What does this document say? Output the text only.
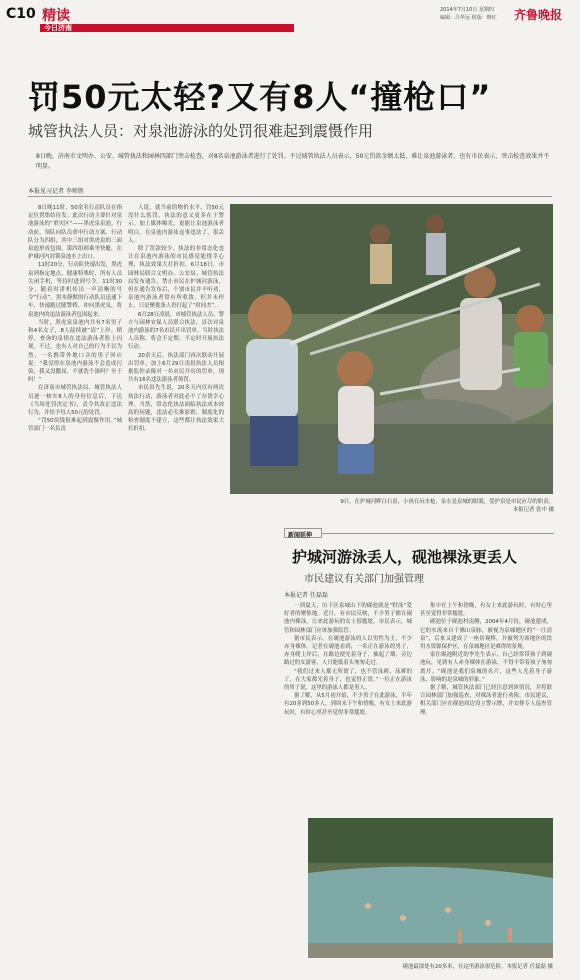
C10 精读
今日济南
2014年7月10日 星期四
编辑：吕华远 组版：继红 齐鲁晚报
罚50元太轻?又有8人“撞枪口”
城管执法人员：对泉池游泳的处罚很难起到震慑作用
8日晚，济南市文明办、公安、城管执法和园林四部门突击检查，对8名泉池游泳者进行了处罚。不过城管执法人员表示，50元罚款金额太低，难让泉池游泳者，也有市民表示，突击检查效果并不明显。
本报见习记者 李师胜

8日晚11时，50余名行动队员在指定位置集结待发。此次行动主要针对泉池游泳的“重灾区”——黑虎泉泉池，行动前，领队向队员重申行动方案，行动队分为四组，其中三组对黑虎泉的三面泉池形成包围，第四组则乘坐快艇，在护城河内封锁泉池水上出口。

11时20分，行动队快速出发，黑虎泉到指定地点，健康特殊时，所有人员关闭手机，等待时进到号令。11时30分，随着时讲机传出一声清晰的号令“行动”，黑本静默的行动队员迅速下车，快速跑过随警桥，冲向黑虎泉，将泉池内的违法游泳者包围起来。

当时，黑虎泉泉池内共有7名男子和4名女子，8人陆续被“请”上岸。稍停，查询的泉情在违法游泳者脸上闪现。不过，也有人对自己的行为不以为然，一名携带外地口音的男子回应说：“我觉得在泉池内游泳不会造成污染，我又没撒尿，不就洗个澡吗？至于吗！”

在济南市城管执法局、城管执法人员逐一核实8人的身份信息后，下达《当场处罚决定书》，责令其改正违法行为，并给予每人50元的处罚。

“罚50块钱很难起到震慑作用。”城管部门一名负责

人说，就当前的物价水平，罚50元没什么惩罚，执法的意义更多在于警示。加上媒体曝光，更能让泉池游泳者明白，在泉池内游泳这事违法了，很丢人。

除了罚款较少，执法的非常态化也让在泉池内游泳的市民感觉能侥幸心理，执法效果大打折扣。6月18日，市园林局联合文明办、公安局、城管执法局发布通告，禁止市民在护城河游泳，但在通告发布后，个别市民并不听劝，泉池内游泳者常有所收敛，但并未停止，只是聚拢条人仍打起了“时间差”。

6月28日凌晨，市城管执法人员、警方与园林安保人员联合执法，首次对泉池内游泳的7名市民开出罚单。当时执法人员称，将会不定期、不定时开展执法行动。

20余天后，执法部门再次联动开展出罚单。加上6月29日凌晨执法人员根据监控录像对一名市民开出的罚单，现共有16名违法游泳者领罚。

市民田先生说，20多天内仅有两次执法行动，游泳者对此必不了存侥幸心理。当然，常态化执法面临执法成本较高的问题，违法必究难原则，制度化的检查制度不建立，这些都让执法效果大打折扣。

9日，在护城河畔白石泉，小孩在玩水枪，泉水是泉城的眼睛，爱护泉是市民应尽的职责。
本报记者 张中 摄
新闻延伸
护城河游泳丢人，砚池裸泳更丢人
市民建议有关部门加强管理
本报记者 任磊磊

一到夏天，历下区泉城山下的砚池就是“野泳”爱好者的聚集地。近日，有市民反映，不少男子都在砚池内裸泳，让来此游玩的女士很尴尬。市民表示，城管和园林部门应该加强监管。

据市民表示，在砚池游泳的人以男性为主，不少赤身裸体。记者在砚池看到，一名正在游泳的男子，赤身爬上岸后，在路边便光着身子，抽起了烟，旁边路过的女游客，人只能低着头匆匆走过。

“我们过来人都无所谓了，也不管泳裤、泳裤的了，在大家都光着身子，也觉得正常。”一位正在游泳的男子说，这里的游泳人都是男人。

据了解，从5月初开始，不少男子在此游泳，半年有20多到50多人，到周末下午和傍晚，有女士来此游玩时，有时心里甚至觉得非常尴尬。

集中在上午和傍晚，有女士来此游玩时，有时心里甚至觉得非常尴尬。

砚池位于砚池村南侧，2004年4月份，砚池建成，它的水流来自千佛山泉脉，被视为泉城地区的“一汪清泉”，后来又建成了一座景观桥，并被列为该地区的饮用水资源保护区，在泉城地区是难得的景观。

家住砚池附近的李先生表示，自己经常带孩子到砚池玩，见到有人赤身裸体在游泳，不得不带着孩子匆匆离开。“砚池是我们泉城的名片，这些人光着身子游泳，影响的是泉城的形象。”

据了解，城管执法部门已经注意到该情况，并将联合园林部门加强巡查，对裸泳者进行劝阻。市民建议，相关部门应在砚池周边设立警示牌，并安排专人巡查管理。

砚池最深处有20多米，在这里游泳很危险。本报记者 任磊磊 摄
